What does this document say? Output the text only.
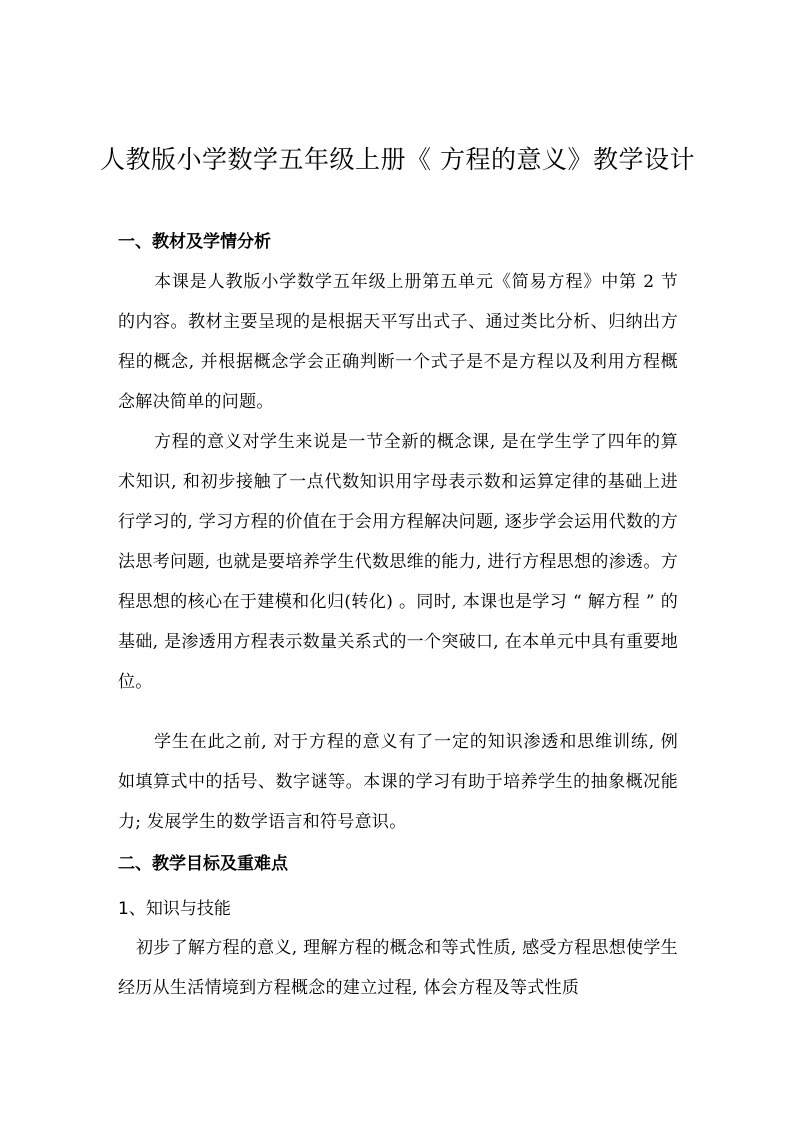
人教版小学数学五年级上册《 方程的意义》教学设计
一、教材及学情分析
本课是人教版小学数学五年级上册第五单元《简易方程》中第 2 节的内容。教材主要呈现的是根据天平写出式子、通过类比分析、归纳出方程的概念, 并根据概念学会正确判断一个式子是不是方程以及利用方程概念解决简单的问题。
方程的意义对学生来说是一节全新的概念课, 是在学生学了四年的算术知识, 和初步接触了一点代数知识用字母表示数和运算定律的基础上进行学习的, 学习方程的价值在于会用方程解决问题, 逐步学会运用代数的方法思考问题, 也就是要培养学生代数思维的能力, 进行方程思想的渗透。方程思想的核心在于建模和化归(转化) 。同时, 本课也是学习 “ 解方程 ” 的基础, 是渗透用方程表示数量关系式的一个突破口, 在本单元中具有重要地位。
学生在此之前, 对于方程的意义有了一定的知识渗透和思维训练, 例如填算式中的括号、数字谜等。本课的学习有助于培养学生的抽象概况能力; 发展学生的数学语言和符号意识。
二、教学目标及重难点
1、知识与技能
初步了解方程的意义, 理解方程的概念和等式性质, 感受方程思想使学生经历从生活情境到方程概念的建立过程, 体会方程及等式性质
